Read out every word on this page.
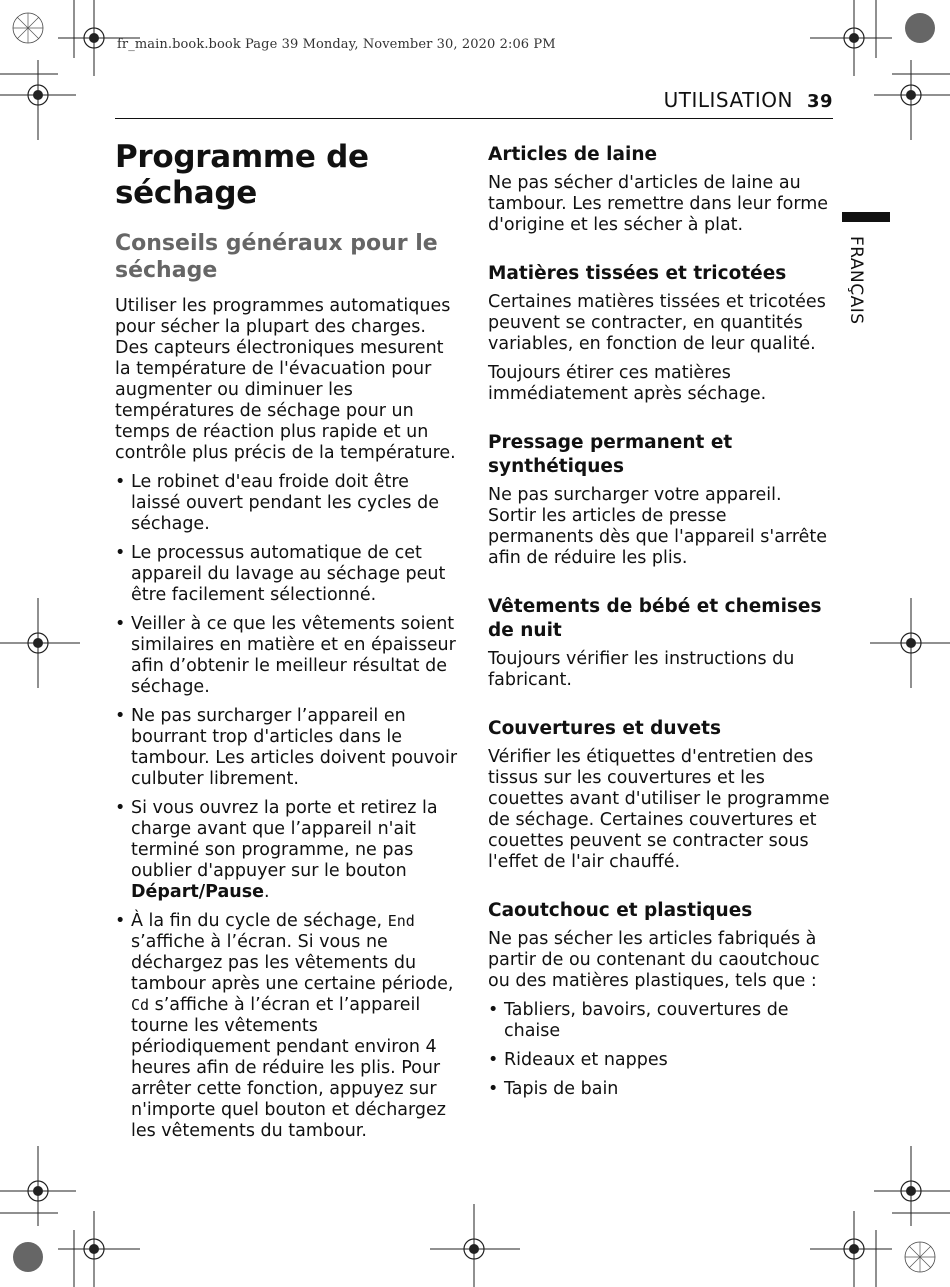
fr_main.book.book Page 39 Monday, November 30, 2020 2:06 PM
UTILISATION 39
FRANÇAIS
Programme de séchage
Conseils généraux pour le séchage

Utiliser les programmes automatiques pour sécher la plupart des charges. Des capteurs électroniques mesurent la température de l'évacuation pour augmenter ou diminuer les températures de séchage pour un temps de réaction plus rapide et un contrôle plus précis de la température.

• Le robinet d'eau froide doit être laissé ouvert pendant les cycles de séchage.
• Le processus automatique de cet appareil du lavage au séchage peut être facilement sélectionné.
• Veiller à ce que les vêtements soient similaires en matière et en épaisseur afin d’obtenir le meilleur résultat de séchage.
• Ne pas surcharger l’appareil en bourrant trop d'articles dans le tambour. Les articles doivent pouvoir culbuter librement.
• Si vous ouvrez la porte et retirez la charge avant que l’appareil n'ait terminé son programme, ne pas oublier d'appuyer sur le bouton Départ/Pause.
• À la fin du cycle de séchage, End s’affiche à l’écran. Si vous ne déchargez pas les vêtements du tambour après une certaine période, Cd s’affiche à l’écran et l’appareil tourne les vêtements périodiquement pendant environ 4 heures afin de réduire les plis. Pour arrêter cette fonction, appuyez sur n'importe quel bouton et déchargez les vêtements du tambour.
Articles de laine

Ne pas sécher d'articles de laine au tambour. Les remettre dans leur forme d'origine et les sécher à plat.

Matières tissées et tricotées

Certaines matières tissées et tricotées peuvent se contracter, en quantités variables, en fonction de leur qualité.

Toujours étirer ces matières immédiatement après séchage.

Pressage permanent et synthétiques

Ne pas surcharger votre appareil. Sortir les articles de presse permanents dès que l'appareil s'arrête afin de réduire les plis.

Vêtements de bébé et chemises de nuit

Toujours vérifier les instructions du fabricant.

Couvertures et duvets

Vérifier les étiquettes d'entretien des tissus sur les couvertures et les couettes avant d'utiliser le programme de séchage. Certaines couvertures et couettes peuvent se contracter sous l'effet de l'air chauffé.

Caoutchouc et plastiques

Ne pas sécher les articles fabriqués à partir de ou contenant du caoutchouc ou des matières plastiques, tels que :

• Tabliers, bavoirs, couvertures de chaise
• Rideaux et nappes
• Tapis de bain
